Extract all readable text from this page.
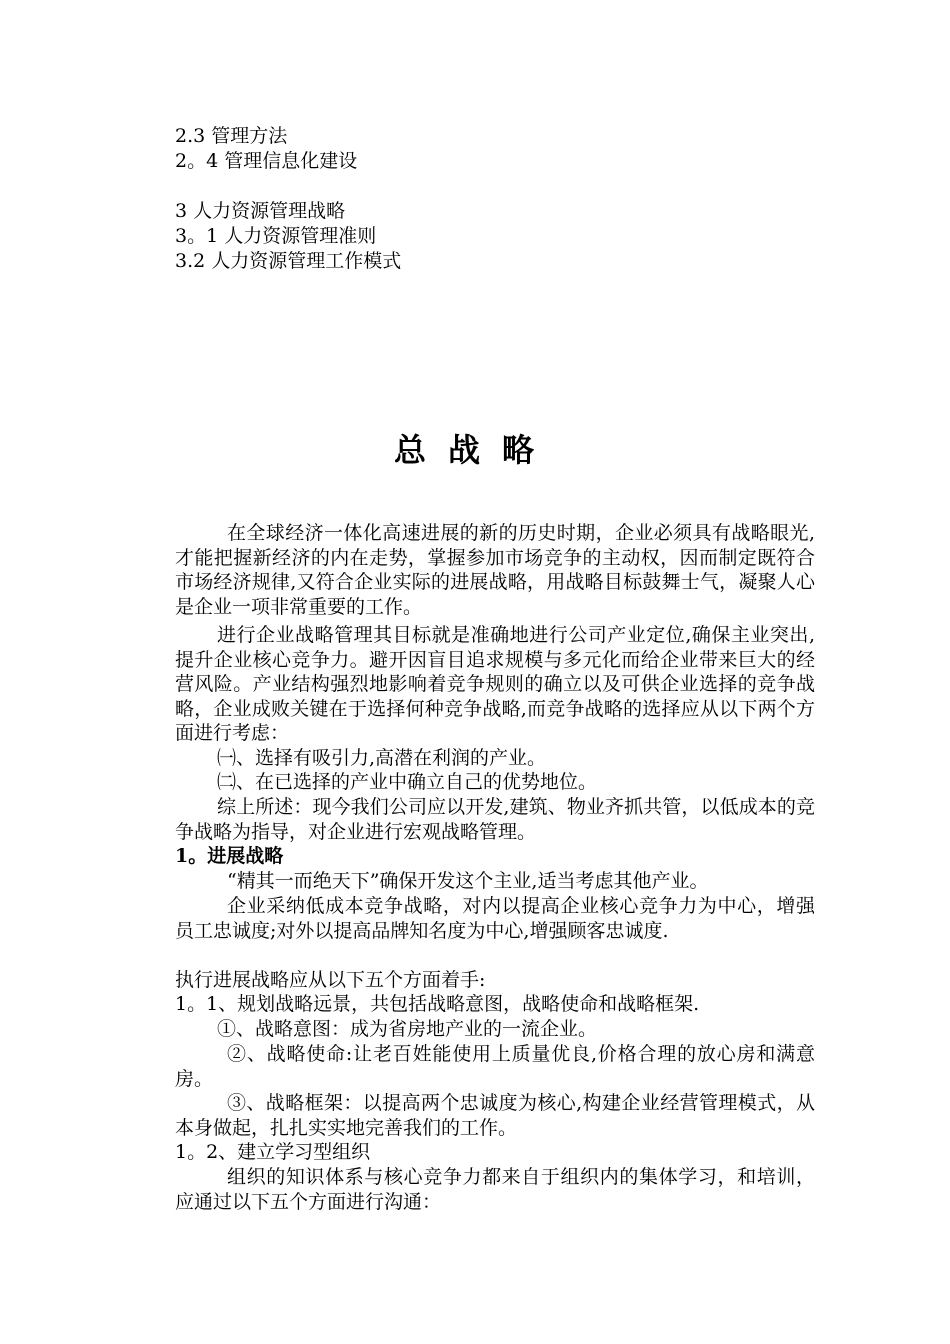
2.3 管理方法
2。4 管理信息化建设
3 人力资源管理战略
3。1 人力资源管理准则
3.2 人力资源管理工作模式
总战略
在全球经济一体化高速进展的新的历史时期，企业必须具有战略眼光,才能把握新经济的内在走势，掌握参加市场竞争的主动权，因而制定既符合市场经济规律,又符合企业实际的进展战略，用战略目标鼓舞士气，凝聚人心是企业一项非常重要的工作。
进行企业战略管理其目标就是准确地进行公司产业定位,确保主业突出,提升企业核心竞争力。避开因盲目追求规模与多元化而给企业带来巨大的经营风险。产业结构强烈地影响着竞争规则的确立以及可供企业选择的竞争战略，企业成败关键在于选择何种竞争战略,而竞争战略的选择应从以下两个方面进行考虑：
㈠、选择有吸引力,高潜在利润的产业。
㈡、在已选择的产业中确立自己的优势地位。
综上所述：现今我们公司应以开发,建筑、物业齐抓共管，以低成本的竞争战略为指导，对企业进行宏观战略管理。
1。进展战略
“精其一而绝天下”确保开发这个主业,适当考虑其他产业。
企业采纳低成本竞争战略，对内以提高企业核心竞争力为中心，增强员工忠诚度;对外以提高品牌知名度为中心,增强顾客忠诚度.
执行进展战略应从以下五个方面着手:
1。1、规划战略远景，共包括战略意图，战略使命和战略框架.
①、战略意图：成为省房地产业的一流企业。
②、战略使命:让老百姓能使用上质量优良,价格合理的放心房和满意房。
③、战略框架：以提高两个忠诚度为核心,构建企业经营管理模式，从本身做起，扎扎实实地完善我们的工作。
1。2、建立学习型组织
组织的知识体系与核心竞争力都来自于组织内的集体学习，和培训，应通过以下五个方面进行沟通：
